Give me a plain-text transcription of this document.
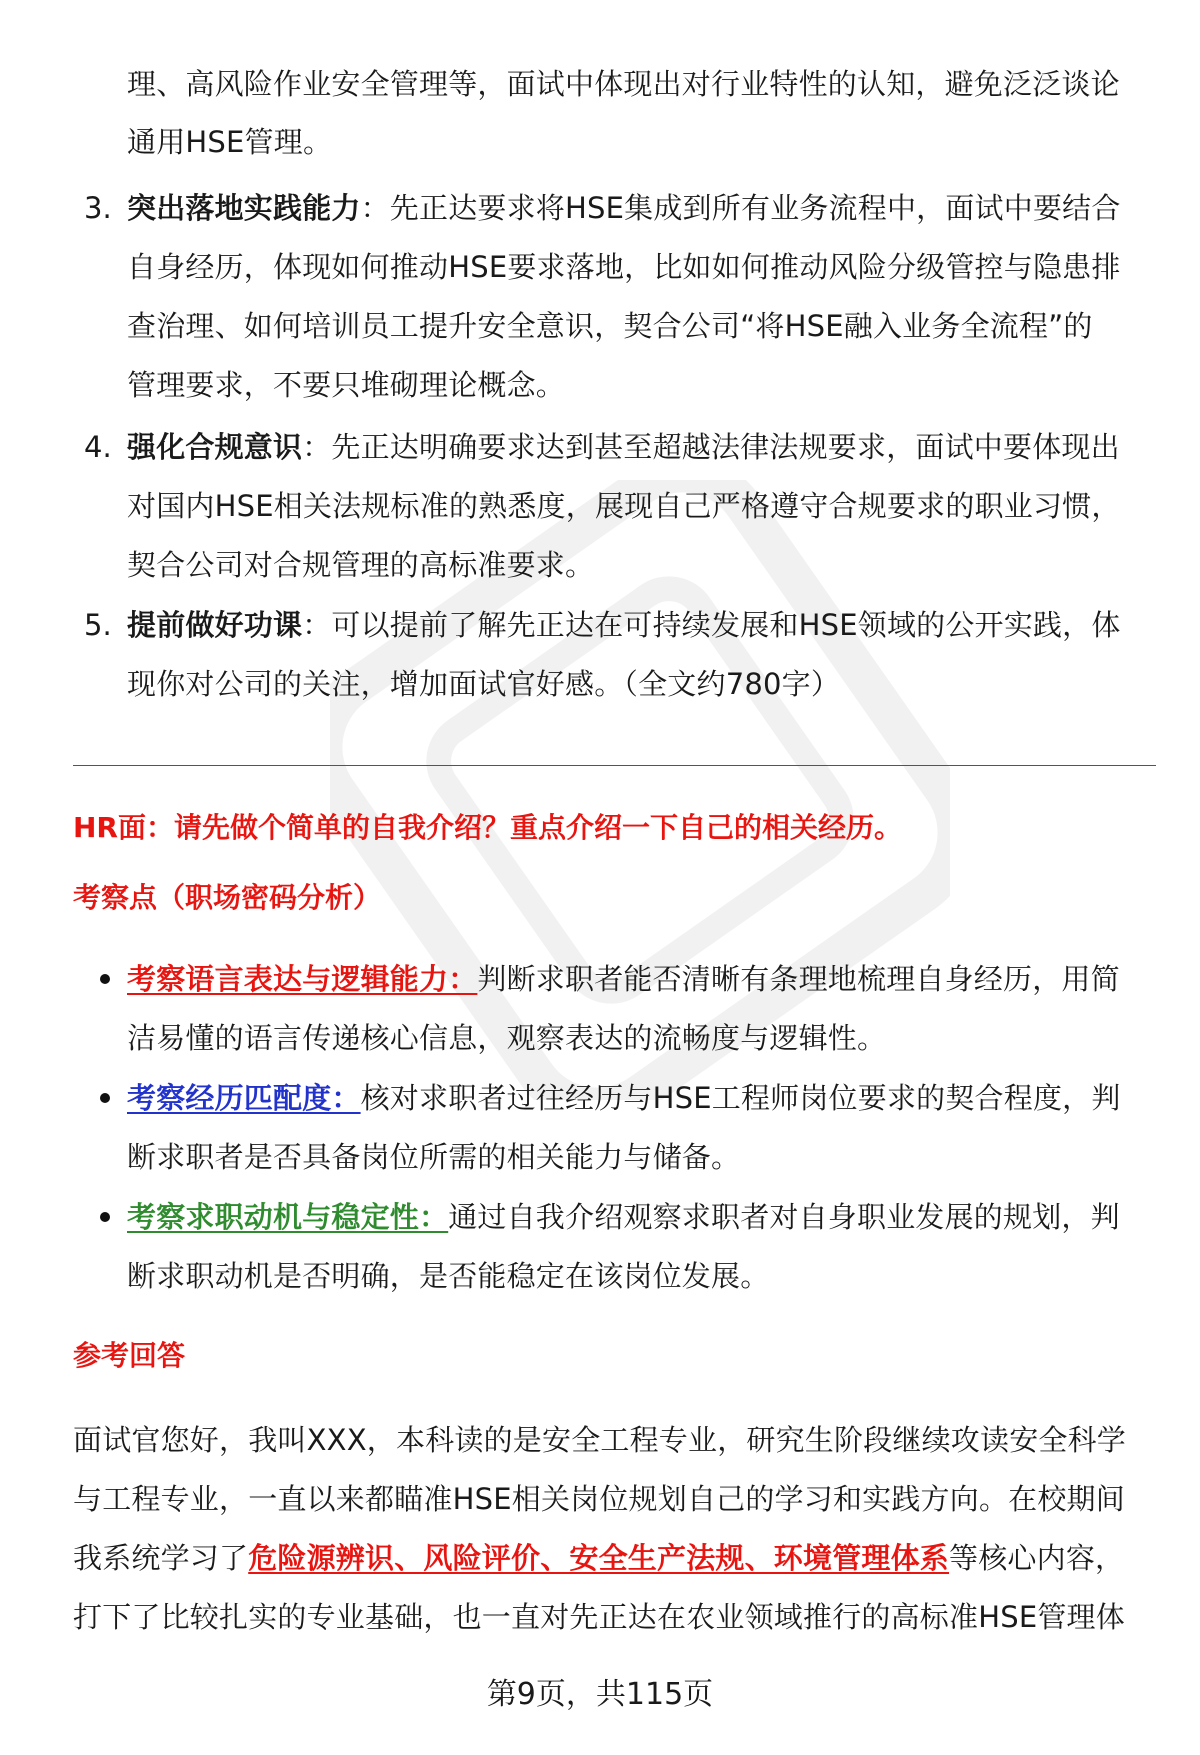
理、高风险作业安全管理等，面试中体现出对行业特性的认知，避免泛泛谈论
通用HSE管理。
3. 突出落地实践能力：先正达要求将HSE集成到所有业务流程中，面试中要结合
自身经历，体现如何推动HSE要求落地，比如如何推动风险分级管控与隐患排
查治理、如何培训员工提升安全意识，契合公司“将HSE融入业务全流程”的
管理要求，不要只堆砌理论概念。
4. 强化合规意识：先正达明确要求达到甚至超越法律法规要求，面试中要体现出
对国内HSE相关法规标准的熟悉度，展现自己严格遵守合规要求的职业习惯，
契合公司对合规管理的高标准要求。
5. 提前做好功课：可以提前了解先正达在可持续发展和HSE领域的公开实践，体
现你对公司的关注，增加面试官好感。（全文约780字）
HR面：请先做个简单的自我介绍？重点介绍一下自己的相关经历。
考察点（职场密码分析）
考察语言表达与逻辑能力：判断求职者能否清晰有条理地梳理自身经历，用简
洁易懂的语言传递核心信息，观察表达的流畅度与逻辑性。
考察经历匹配度：核对求职者过往经历与HSE工程师岗位要求的契合程度，判
断求职者是否具备岗位所需的相关能力与储备。
考察求职动机与稳定性：通过自我介绍观察求职者对自身职业发展的规划，判
断求职动机是否明确，是否能稳定在该岗位发展。
参考回答
面试官您好，我叫XXX，本科读的是安全工程专业，研究生阶段继续攻读安全科学
与工程专业，一直以来都瞄准HSE相关岗位规划自己的学习和实践方向。在校期间
我系统学习了危险源辨识、风险评价、安全生产法规、环境管理体系等核心内容，
打下了比较扎实的专业基础，也一直对先正达在农业领域推行的高标准HSE管理体
第9页，共115页
